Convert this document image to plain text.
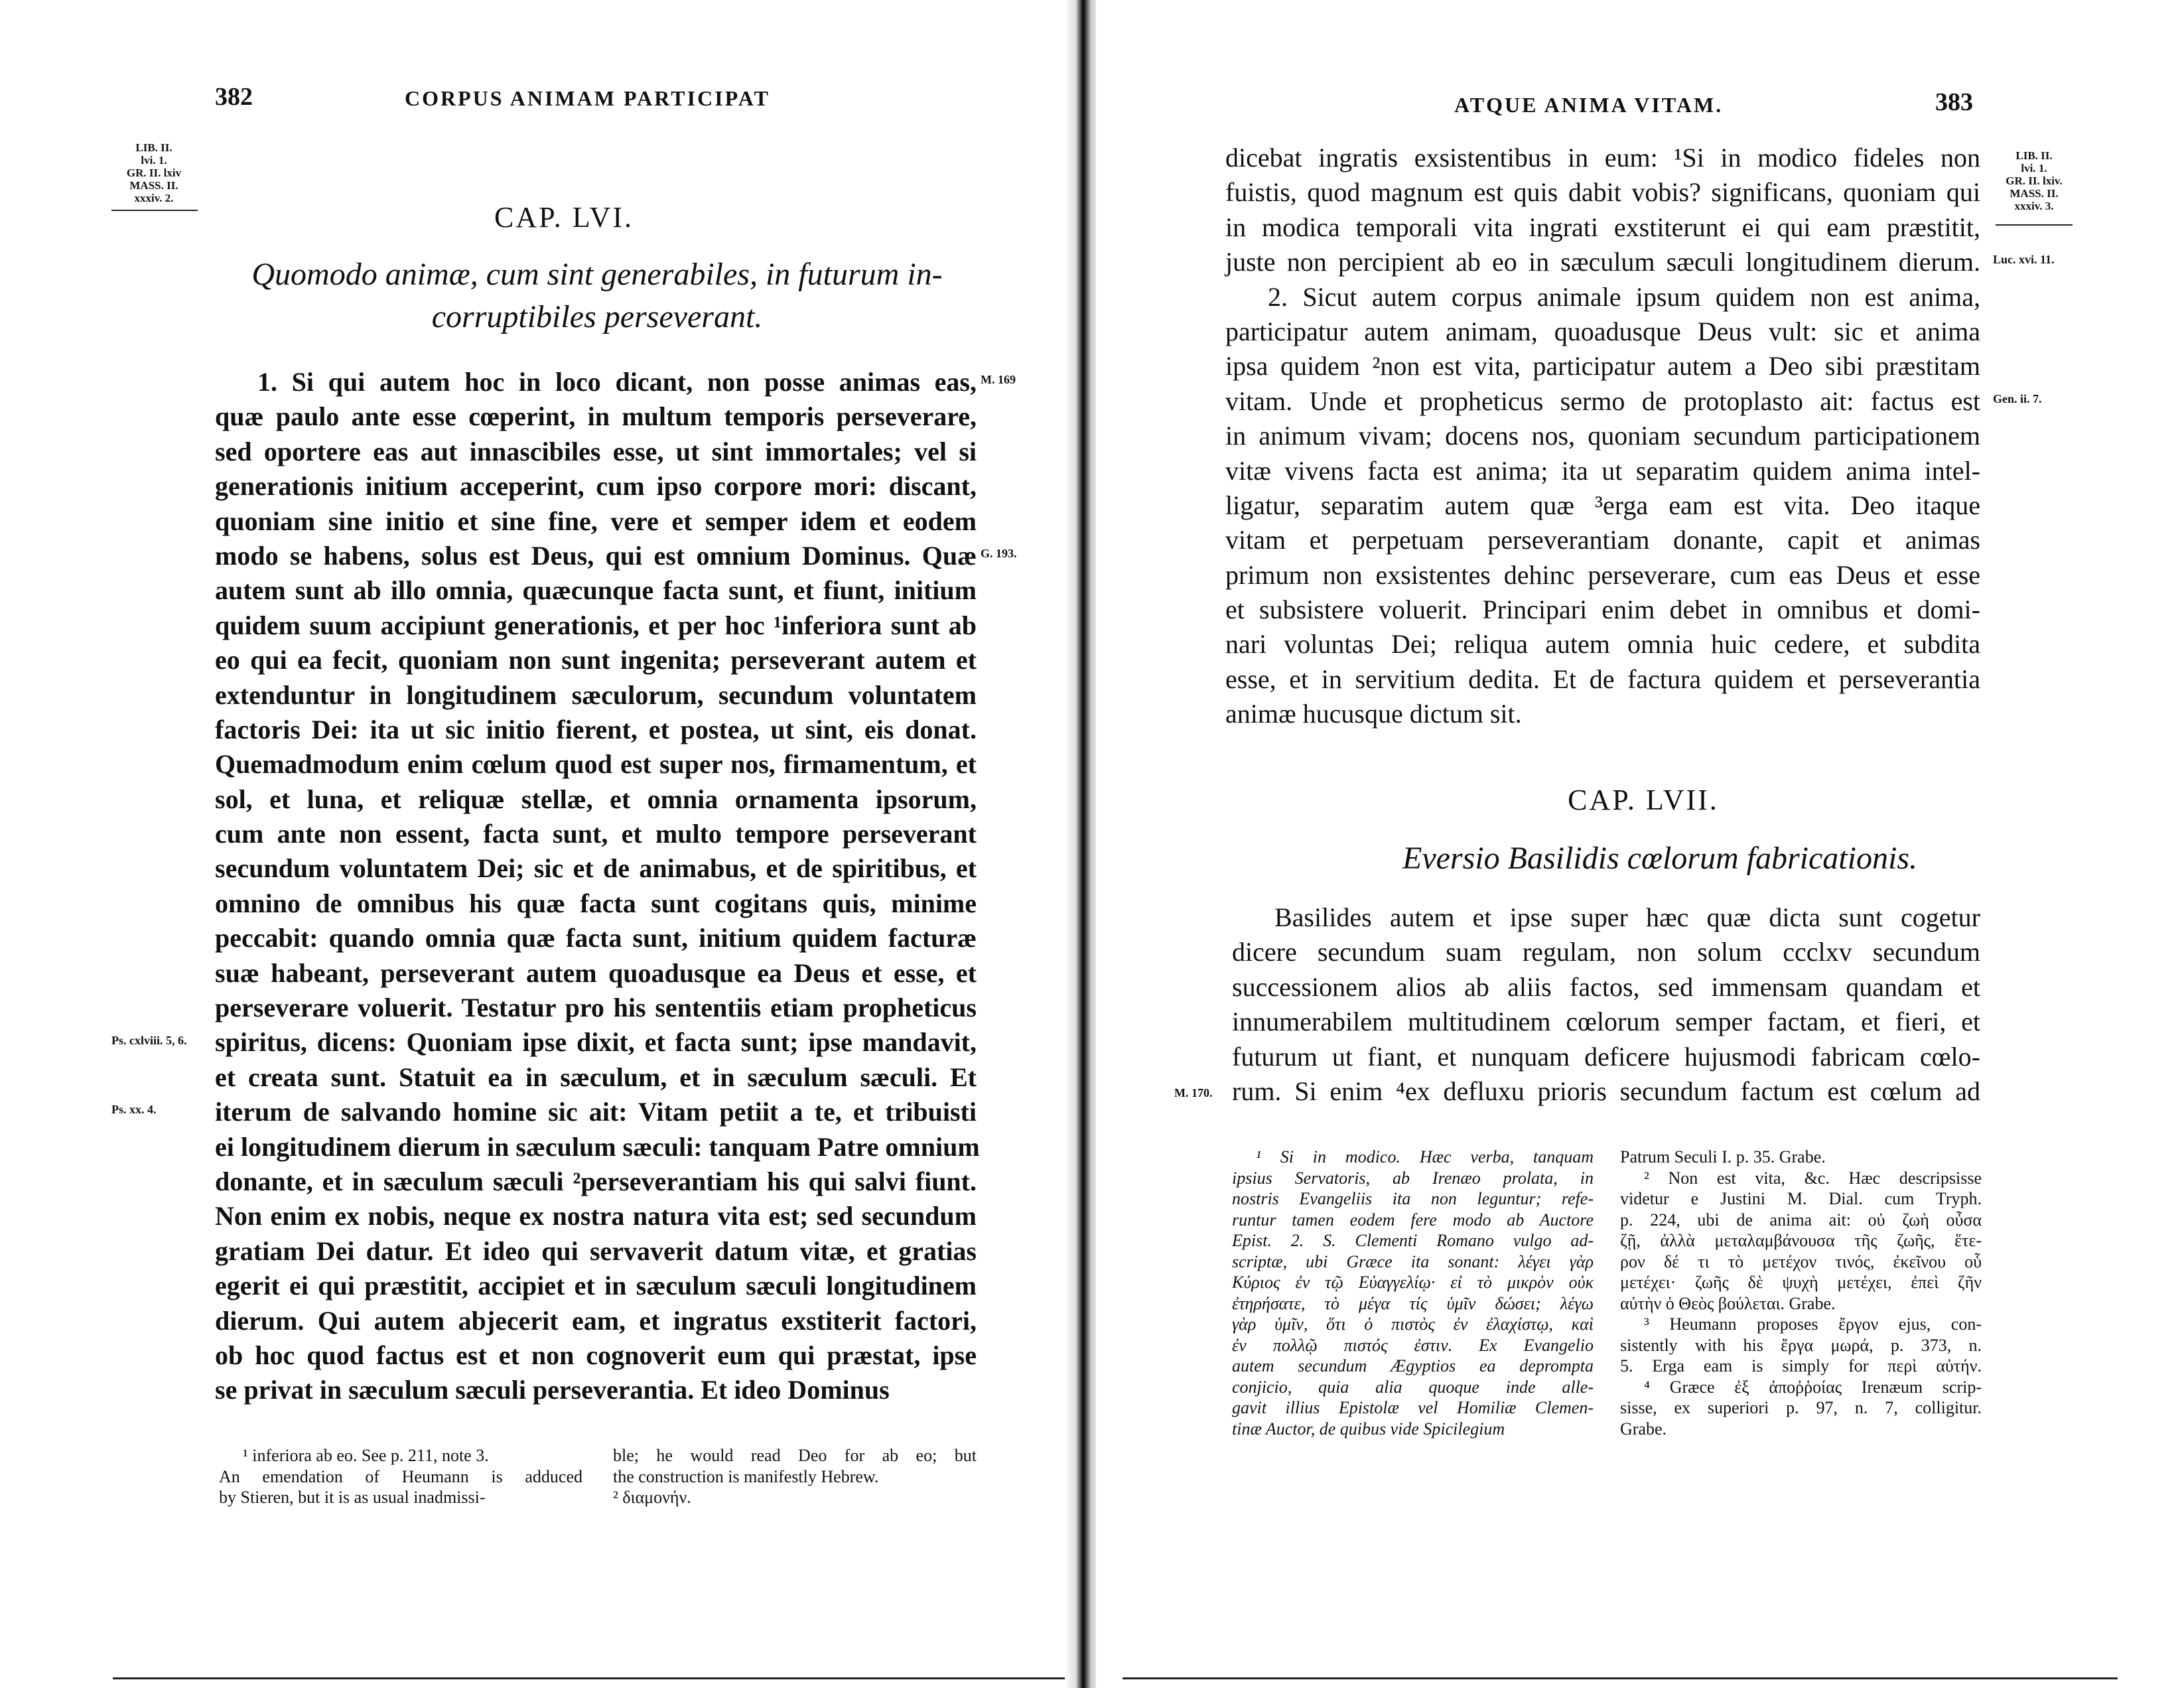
382	CORPUS ANIMAM PARTICIPAT
LIB. II.
lvi. 1.
GR. II. lxiv
MASS. II.
xxxiv. 2.
CAP. LVI.
Quomodo animæ, cum sint generabiles, in futurum in-
corruptibiles perseverant.
1. Si qui autem hoc in loco dicant, non posse animas eas,
quæ paulo ante esse cœperint, in multum temporis perseverare,
sed oportere eas aut innascibiles esse, ut sint immortales; vel si
generationis initium acceperint, cum ipso corpore mori: discant,
quoniam sine initio et sine fine, vere et semper idem et eodem
modo se habens, solus est Deus, qui est omnium Dominus. Quæ
autem sunt ab illo omnia, quæcunque facta sunt, et fiunt, initium
quidem suum accipiunt generationis, et per hoc ¹inferiora sunt ab
eo qui ea fecit, quoniam non sunt ingenita; perseverant autem et
extenduntur in longitudinem sæculorum, secundum voluntatem
factoris Dei: ita ut sic initio fierent, et postea, ut sint, eis donat.
Quemadmodum enim cœlum quod est super nos, firmamentum, et
sol, et luna, et reliquæ stellæ, et omnia ornamenta ipsorum,
cum ante non essent, facta sunt, et multo tempore perseverant
secundum voluntatem Dei; sic et de animabus, et de spiritibus, et
omnino de omnibus his quæ facta sunt cogitans quis, minime
peccabit: quando omnia quæ facta sunt, initium quidem facturæ
suæ habeant, perseverant autem quoadusque ea Deus et esse, et
perseverare voluerit. Testatur pro his sententiis etiam propheticus
spiritus, dicens: Quoniam ipse dixit, et facta sunt; ipse mandavit,
et creata sunt. Statuit ea in sæculum, et in sæculum sæculi. Et
iterum de salvando homine sic ait: Vitam petiit a te, et tribuisti
ei longitudinem dierum in sæculum sæculi: tanquam Patre omnium
donante, et in sæculum sæculi ²perseverantiam his qui salvi fiunt.
Non enim ex nobis, neque ex nostra natura vita est; sed secundum
gratiam Dei datur. Et ideo qui servaverit datum vitæ, et gratias
egerit ei qui præstitit, accipiet et in sæculum sæculi longitudinem
dierum. Qui autem abjecerit eam, et ingratus exstiterit factori,
ob hoc quod factus est et non cognoverit eum qui præstat, ipse
se privat in sæculum sæculi perseverantia. Et ideo Dominus
M. 169
G. 193.
Ps. cxlviii. 5, 6.
Ps. xx. 4.
¹ inferiora ab eo. See p. 211, note 3.
An emendation of Heumann is adduced
by Stieren, but it is as usual inadmissi-
ble; he would read Deo for ab eo; but
the construction is manifestly Hebrew.
² διαμονήν.
ATQUE ANIMA VITAM.	383
dicebat ingratis exsistentibus in eum: ¹Si in modico fideles non
fuistis, quod magnum est quis dabit vobis? significans, quoniam qui
in modica temporali vita ingrati exstiterunt ei qui eam præstitit,
juste non percipient ab eo in sæculum sæculi longitudinem dierum.
2. Sicut autem corpus animale ipsum quidem non est anima,
participatur autem animam, quoadusque Deus vult: sic et anima
ipsa quidem ²non est vita, participatur autem a Deo sibi præstitam
vitam. Unde et propheticus sermo de protoplasto ait: factus est
in animum vivam; docens nos, quoniam secundum participationem
vitæ vivens facta est anima; ita ut separatim quidem anima intel-
ligatur, separatim autem quæ ³erga eam est vita. Deo itaque
vitam et perpetuam perseverantiam donante, capit et animas
primum non exsistentes dehinc perseverare, cum eas Deus et esse
et subsistere voluerit. Principari enim debet in omnibus et domi-
nari voluntas Dei; reliqua autem omnia huic cedere, et subdita
esse, et in servitium dedita. Et de factura quidem et perseverantia
animæ hucusque dictum sit.
LIB. II.
lvi. 1.
GR. II. lxiv.
MASS. II.
xxxiv. 3.
Luc. xvi. 11.
Gen. ii. 7.
CAP. LVII.
Eversio Basilidis cœlorum fabricationis.
Basilides autem et ipse super hæc quæ dicta sunt cogetur
dicere secundum suam regulam, non solum ccclxv secundum
successionem alios ab aliis factos, sed immensam quandam et
innumerabilem multitudinem cœlorum semper factam, et fieri, et
futurum ut fiant, et nunquam deficere hujusmodi fabricam cœlo-
rum. Si enim ⁴ex defluxu prioris secundum factum est cœlum ad
M. 170.
¹ Si in modico. Hæc verba, tanquam
ipsius Servatoris, ab Irenæo prolata, in
nostris Evangeliis ita non leguntur; refe-
runtur tamen eodem fere modo ab Auctore
Epist. 2. S. Clementi Romano vulgo ad-
scriptæ, ubi Græce ita sonant: λέγει γὰρ
Κύριος ἐν τῷ Εὐαγγελίῳ· εἰ τὸ μικρὸν οὐκ
ἐτηρήσατε, τὸ μέγα τίς ὑμῖν δώσει; λέγω
γὰρ ὑμῖν, ὅτι ὁ πιστὸς ἐν ἐλαχίστῳ, καὶ
ἐν πολλῷ πιστός ἐστιν. Ex Evangelio
autem secundum Ægyptios ea deprompta
conjicio, quia alia quoque inde alle-
gavit illius Epistolæ vel Homiliæ Clemen-
tinæ Auctor, de quibus vide Spicilegium
Patrum Seculi I. p. 35. Grabe.
² Non est vita, &c. Hæc descripsisse
videtur e Justini M. Dial. cum Tryph.
p. 224, ubi de anima ait: οὐ ζωὴ οὖσα
ζῇ, ἀλλὰ μεταλαμβάνουσα τῆς ζωῆς, ἕτε-
ρον δέ τι τὸ μετέχον τινός, ἐκεῖνου οὗ
μετέχει· ζωῆς δὲ ψυχὴ μετέχει, ἐπεὶ ζῆν
αὐτὴν ὁ Θεὸς βούλεται. Grabe.
³ Heumann proposes ἔργον ejus, con-
sistently with his ἔργα μωρά, p. 373, n.
5. Erga eam is simply for περὶ αὐτήν.
⁴ Græce ἐξ ἀποῤῥοίας Irenæum scrip-
sisse, ex superiori p. 97, n. 7, colligitur.
Grabe.
